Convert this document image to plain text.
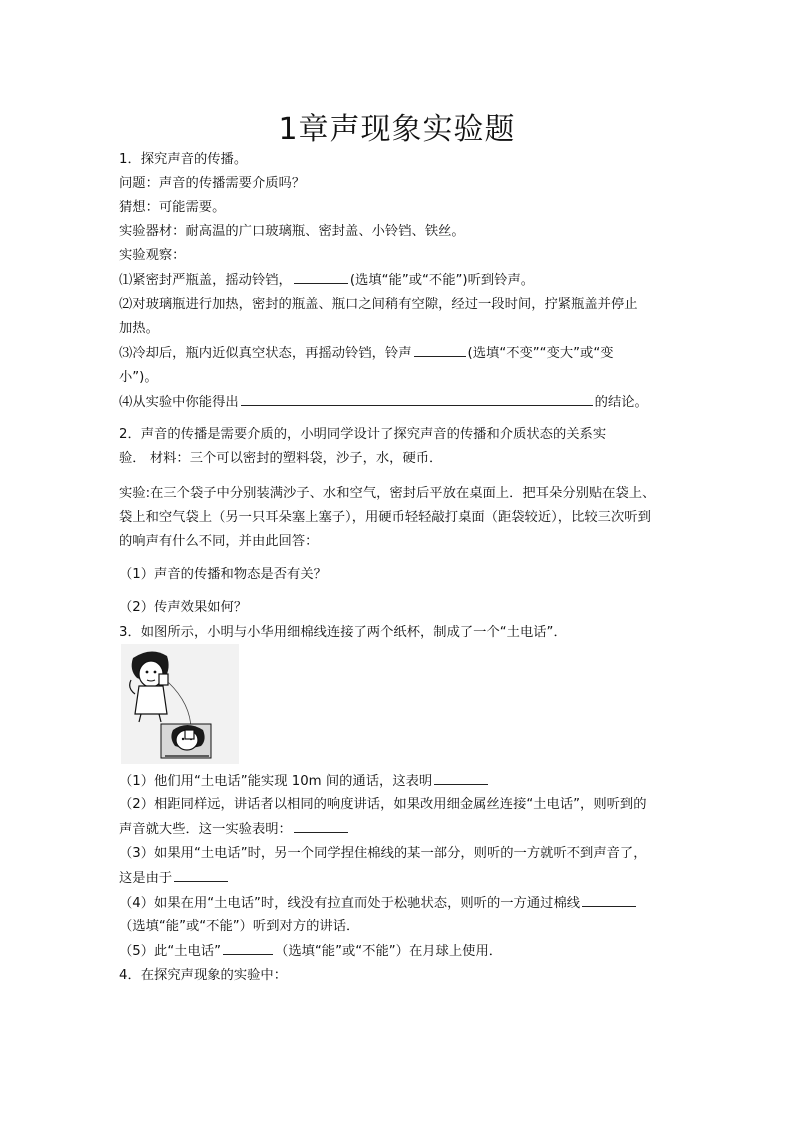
1章声现象实验题
1．探究声音的传播。
问题：声音的传播需要介质吗？
猜想：可能需要。
实验器材：耐高温的广口玻璃瓶、密封盖、小铃铛、铁丝。
实验观察：
⑴紧密封严瓶盖，摇动铃铛，	(选填“能”或“不能”)听到铃声。
⑵对玻璃瓶进行加热，密封的瓶盖、瓶口之间稍有空隙，经过一段时间，拧紧瓶盖并停止
加热。
⑶冷却后，瓶内近似真空状态，再摇动铃铛，铃声	(选填“不变”“变大”或“变
小”)。
⑷从实验中你能得出	的结论。
2．声音的传播是需要介质的，小明同学设计了探究声音的传播和介质状态的关系实
验． 材料：三个可以密封的塑料袋，沙子，水，硬币．
实验:在三个袋子中分别装满沙子、水和空气，密封后平放在桌面上．把耳朵分别贴在袋上、
袋上和空气袋上（另一只耳朵塞上塞子），用硬币轻轻敲打桌面（距袋较近），比较三次听到
的响声有什么不同，并由此回答：
（1）声音的传播和物态是否有关？
（2）传声效果如何？
3．如图所示，小明与小华用细棉线连接了两个纸杯，制成了一个“土电话”．
（1）他们用“土电话”能实现 10m 间的通话，这表明
（2）相距同样远，讲话者以相同的响度讲话，如果改用细金属丝连接“土电话”，则听到的
声音就大些．这一实验表明：
（3）如果用“土电话”时，另一个同学捏住棉线的某一部分，则听的一方就听不到声音了，
这是由于
（4）如果在用“土电话”时，线没有拉直而处于松驰状态，则听的一方通过棉线
（选填“能”或“不能”）听到对方的讲话．
（5）此“土电话”	（选填“能”或“不能”）在月球上使用．
4．在探究声现象的实验中：
